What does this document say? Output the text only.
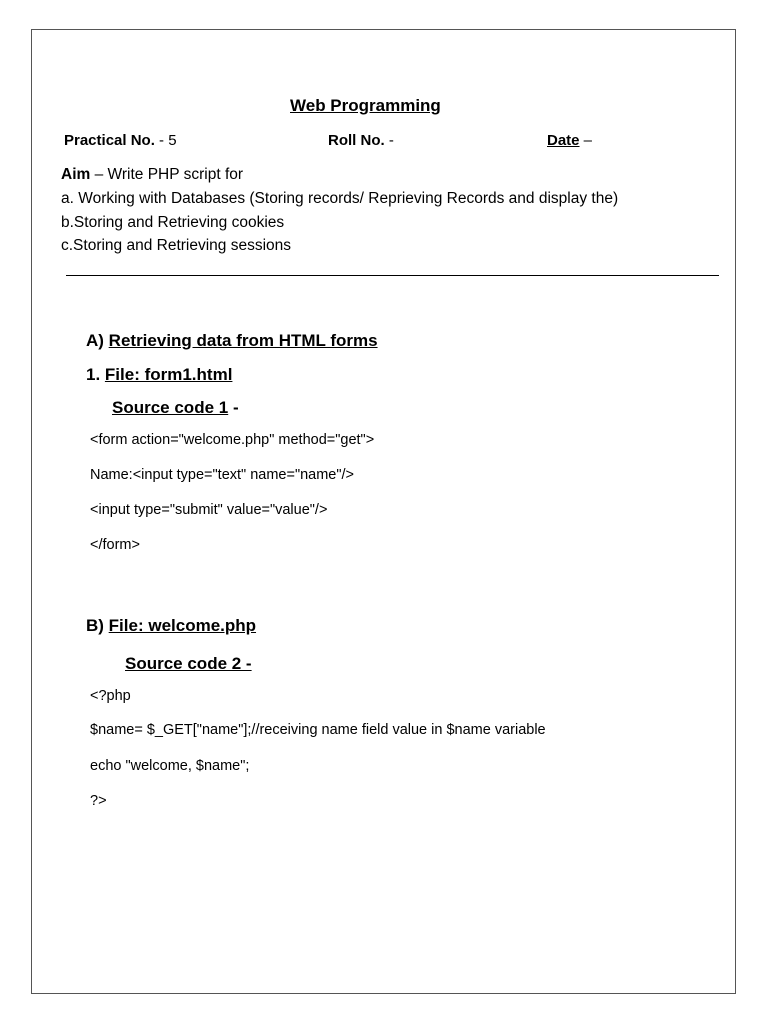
Web Programming
Practical No. - 5	Roll No. -	Date –
Aim – Write PHP script for
a. Working with Databases (Storing records/ Reprieving Records and display the)
b.Storing and Retrieving cookies
c.Storing and Retrieving sessions
A) Retrieving data from HTML forms
1. File: form1.html
Source code 1 -
<form action="welcome.php" method="get">
Name:<input type="text" name="name"/>
<input type="submit" value="value"/>
</form>
B) File: welcome.php
Source code 2 -
<?php
$name= $_GET["name"];//receiving name field value in $name variable
echo "welcome, $name";
?>
